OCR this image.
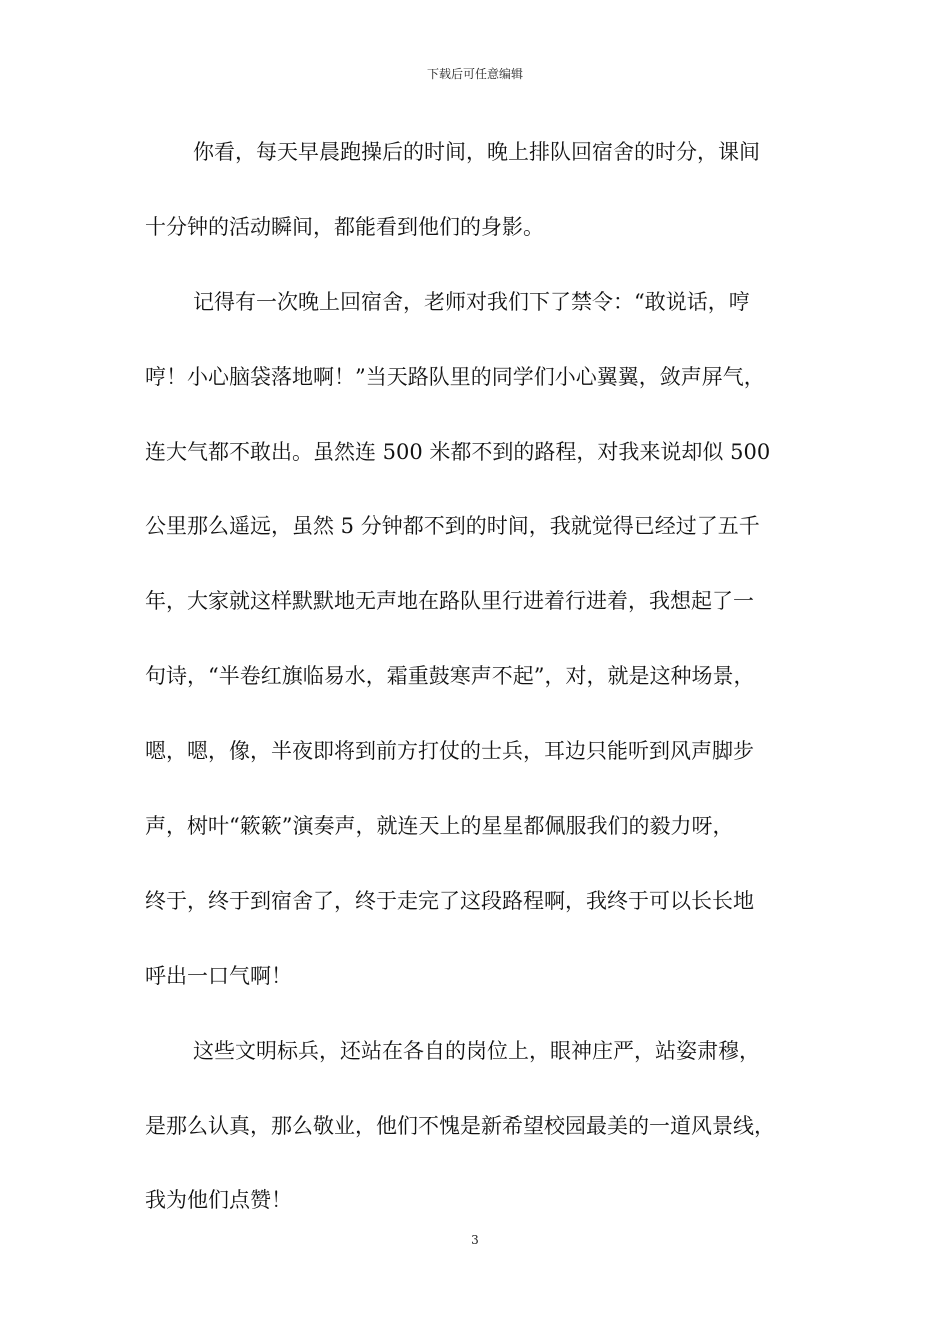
下载后可任意编辑
你看，每天早晨跑操后的时间，晚上排队回宿舍的时分，课间
十分钟的活动瞬间，都能看到他们的身影。
记得有一次晚上回宿舍，老师对我们下了禁令：“敢说话，哼
哼！小心脑袋落地啊！”当天路队里的同学们小心翼翼，敛声屏气，
连大气都不敢出。虽然连 500 米都不到的路程，对我来说却似 500
公里那么遥远，虽然 5 分钟都不到的时间，我就觉得已经过了五千
年，大家就这样默默地无声地在路队里行进着行进着，我想起了一
句诗，“半卷红旗临易水，霜重鼓寒声不起”，对，就是这种场景，
嗯，嗯，像，半夜即将到前方打仗的士兵，耳边只能听到风声脚步
声，树叶“簌簌”演奏声，就连天上的星星都佩服我们的毅力呀，
终于，终于到宿舍了，终于走完了这段路程啊，我终于可以长长地
呼出一口气啊！
这些文明标兵，还站在各自的岗位上，眼神庄严，站姿肃穆，
是那么认真，那么敬业，他们不愧是新希望校园最美的一道风景线，
我为他们点赞！
3
